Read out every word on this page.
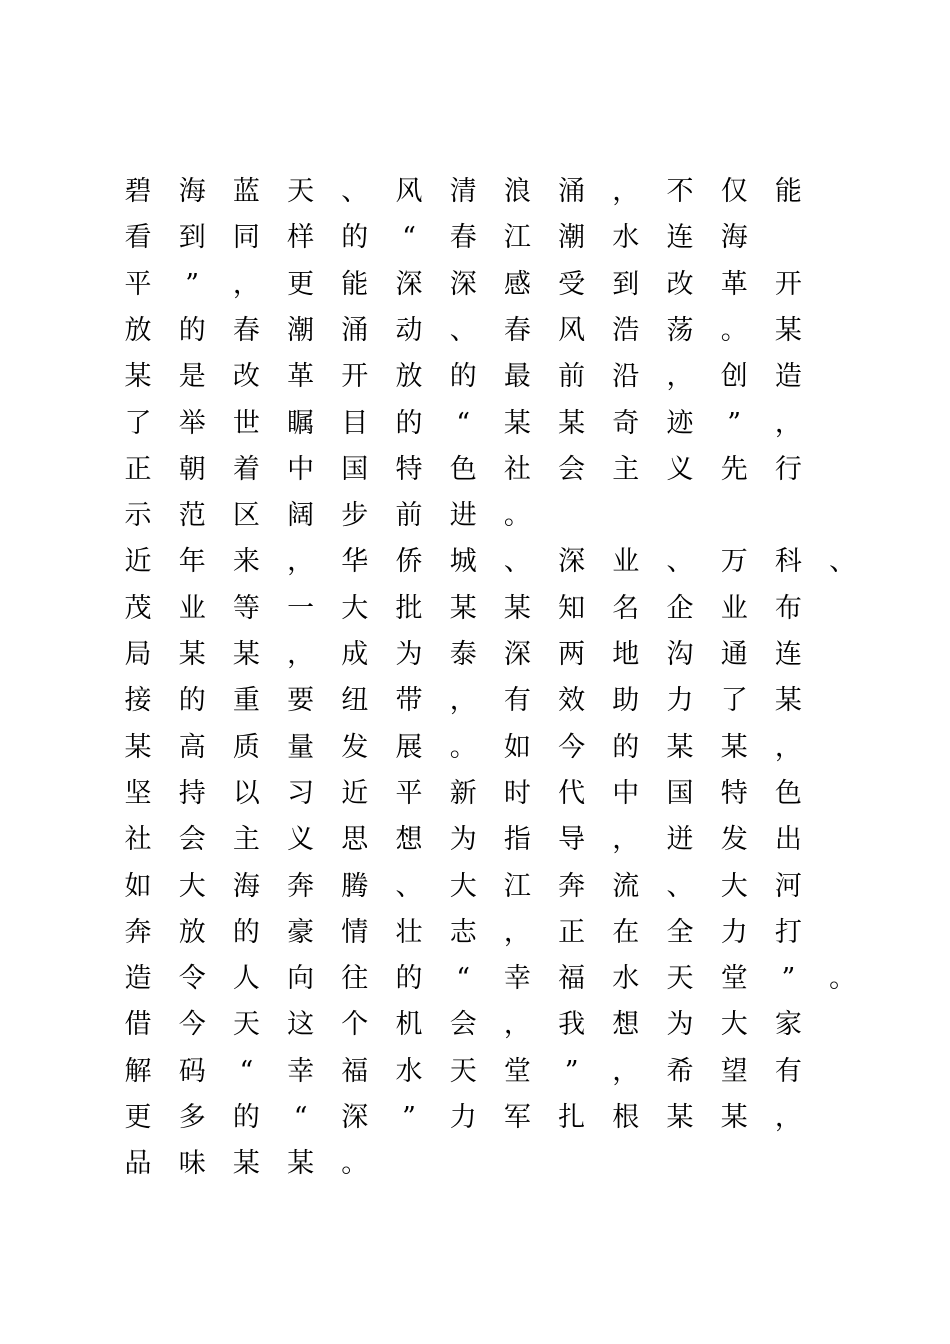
碧 海 蓝 天 、 风 清 浪 涌 ， 不 仅 能
看 到 同 样 的	“	春 江 潮 水 连 海
平	”	， 更 能 深 深 感 受 到 改 革 开
放 的 春 潮 涌 动 、 春 风 浩 荡 。 某
某 是 改 革 开 放 的 最 前 沿 ， 创 造
了 举 世 瞩 目 的	“	某 某 奇 迹	”	，
正 朝 着 中 国 特 色 社 会 主 义 先 行
示 范 区 阔 步 前 进 。
近 年 来 ， 华 侨 城 、 深 业 、 万 科 、
茂 业 等 一 大 批 某 某 知 名 企 业 布
局 某 某 ， 成 为 泰 深 两 地 沟 通 连
接 的 重 要 纽 带 ， 有 效 助 力 了 某
某 高 质 量 发 展 。 如 今 的 某 某 ，
坚 持 以 习 近 平 新 时 代 中 国 特 色
社 会 主 义 思 想 为 指 导 ， 迸 发 出
如 大 海 奔 腾 、 大 江 奔 流 、 大 河
奔 放 的 豪 情 壮 志 ， 正 在 全 力 打
造 令 人 向 往 的	“	幸 福 水 天 堂	”	。
借 今 天 这 个 机 会 ， 我 想 为 大 家
解 码	“	幸 福 水 天 堂	”	， 希 望 有
更 多 的	“	深	”	力 军 扎 根 某 某 ，
品 味 某 某 。
